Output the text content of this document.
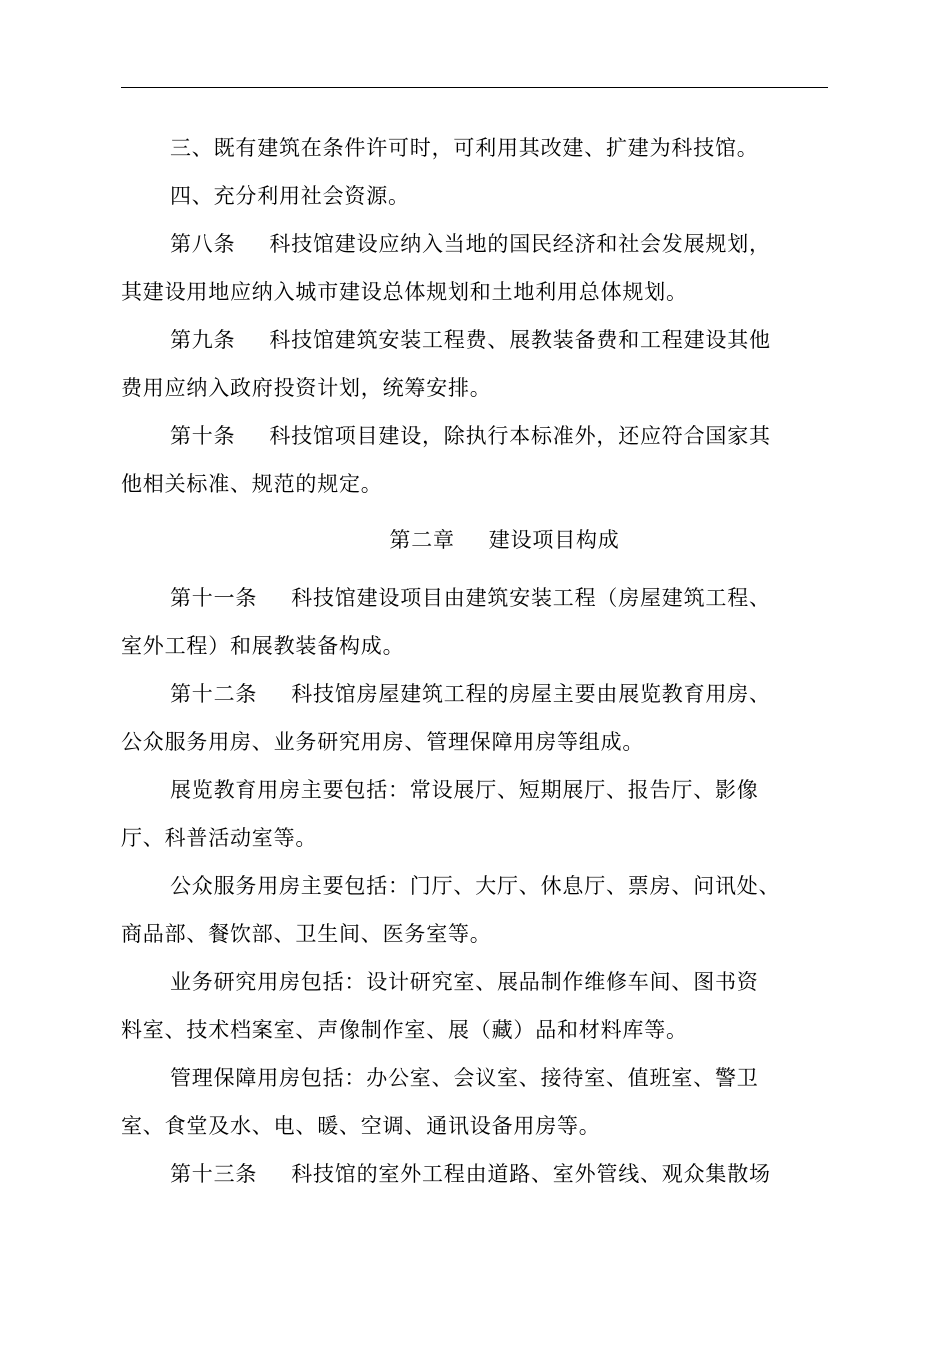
三、既有建筑在条件许可时，可利用其改建、扩建为科技馆。
四、充分利用社会资源。
第八条 科技馆建设应纳入当地的国民经济和社会发展规划，
其建设用地应纳入城市建设总体规划和土地利用总体规划。
第九条 科技馆建筑安装工程费、展教装备费和工程建设其他
费用应纳入政府投资计划，统筹安排。
第十条 科技馆项目建设，除执行本标准外，还应符合国家其
他相关标准、规范的规定。
第二章 建设项目构成
第十一条 科技馆建设项目由建筑安装工程（房屋建筑工程、
室外工程）和展教装备构成。
第十二条 科技馆房屋建筑工程的房屋主要由展览教育用房、
公众服务用房、业务研究用房、管理保障用房等组成。
展览教育用房主要包括：常设展厅、短期展厅、报告厅、影像
厅、科普活动室等。
公众服务用房主要包括：门厅、大厅、休息厅、票房、问讯处、
商品部、餐饮部、卫生间、医务室等。
业务研究用房包括：设计研究室、展品制作维修车间、图书资
料室、技术档案室、声像制作室、展（藏）品和材料库等。
管理保障用房包括：办公室、会议室、接待室、值班室、警卫
室、食堂及水、电、暖、空调、通讯设备用房等。
第十三条 科技馆的室外工程由道路、室外管线、观众集散场
